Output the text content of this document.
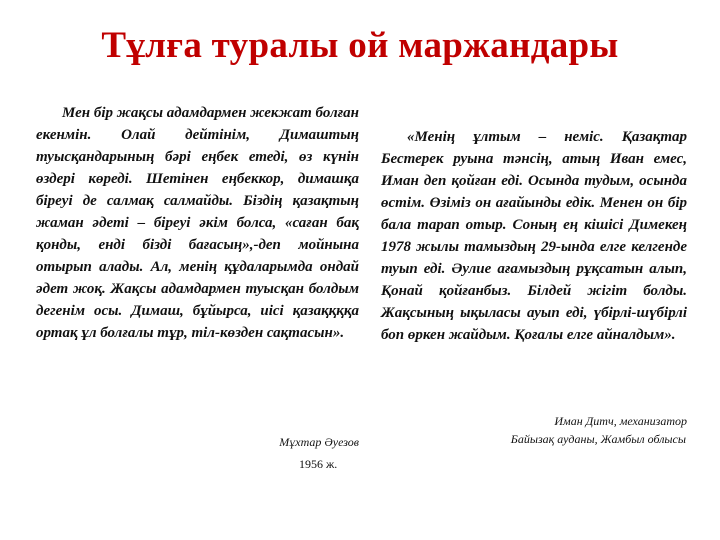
Тұлға туралы ой маржандары

Мен бір жақсы адамдармен жекжат болған екенмін. Олай дейтінім, Димаштың туысқандарының бәрі еңбек етеді, өз күнін өздері көреді. Шетінен еңбеккор, димашқа біреуі де салмақ салмайды. Біздің қазақтың жаман әдеті – біреуі әкім болса, «саған бақ қонды, енді бізді бағасың»,-деп мойнына отырып алады. Ал, менің құдаларымда ондай әдет жоқ. Жақсы адамдармен туысқан болдым дегенім осы. Димаш, бұйырса, иісі қазаққққа ортақ ұл болғалы тұр, тіл-көзден сақтасын».

Мұхтар Әуезов
1956 ж.

«Менің ұлтым – неміс. Қазақтар Бестерек руына тәнсің, атың Иван емес, Иман деп қойған еді. Осында тудым, осында өстім. Өзіміз он ағайынды едік. Менен он бір бала тарап отыр. Соның ең кішісі Димекең 1978 жылы тамыздың 29-ында елге келгенде туып еді. Әулие ағамыздың рұқсатын алып, Қонай қойғанбыз. Білдей жігіт болды. Жақсының ықыласы ауып еді, үбірлі-шүбірлі боп өркен жайдым. Қоғалы елге айналдым».

Иман Дитч, механизатор
Байызақ ауданы, Жамбыл облысы
